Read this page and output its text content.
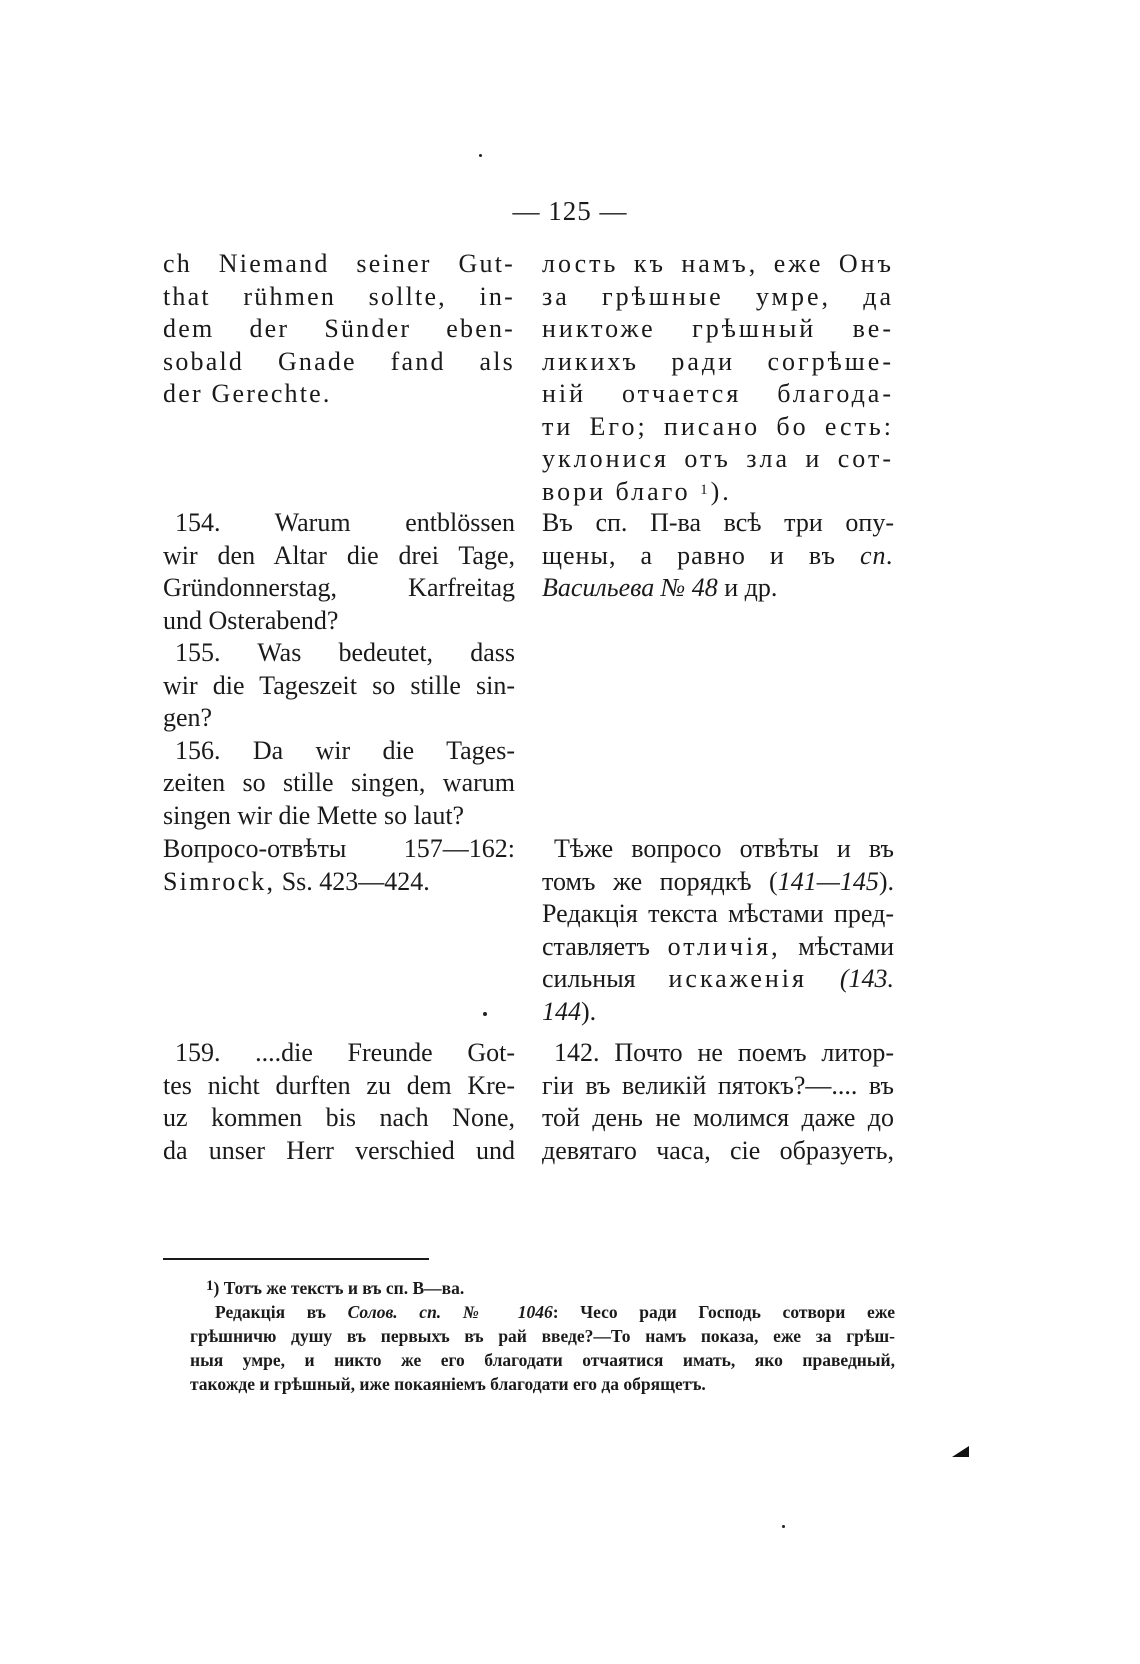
— 125 —
ch Niemand seiner Gut-
that rühmen sollte, in-
dem der Sünder eben-
sobald Gnade fand als
der Gerechte.
лость къ намъ, еже Онъ
за грѣшные умре, да
никтоже грѣшный ве-
ликихъ ради согрѣше-
ній отчается благода-
ти Его; писано бо есть:
уклонися отъ зла и сот-
вори благо $^1$).
154. Warum entblössen
wir den Altar die drei Tage,
Gründonnerstag, Karfreitag
und Osterabend?
155. Was bedeutet, dass
wir die Tageszeit so stille sin-
gen?
156. Da wir die Tages-
zeiten so stille singen, warum
singen wir die Mette so laut?
Въ сп. П-ва всѣ три опу-
щены, а равно и въ сп.
Васильева № 48 и др.
Вопросо-отвѣты 157—162:
Simrock, Ss. 423—424.
Тѣже вопросо отвѣты и въ
томъ же порядкѣ (141—145).
Редакція текста мѣстами пред-
ставляетъ отличія, мѣстами
сильныя искаженія (143.
144).
159. ....die Freunde Got-
tes nicht durften zu dem Kre-
uz kommen bis nach None,
da unser Herr verschied und
142. Почто не поемъ литор-
гіи въ великій пятокъ?—.... въ
той день не молимся даже до
девятаго часа, сіе образуеть,
$^1$) Тотъ же текстъ и въ сп. В—ва.
Редакція въ Солов. сп. № 1046: Чесо ради Господь сотвори еже
грѣшничю душу въ первыхъ въ рай введе?—То намъ показа, еже за грѣш-
ныя умре, и никто же его благодати отчаятися имать, яко праведный,
такожде и грѣшный, иже покаяніемъ благодати его да обрящетъ.
